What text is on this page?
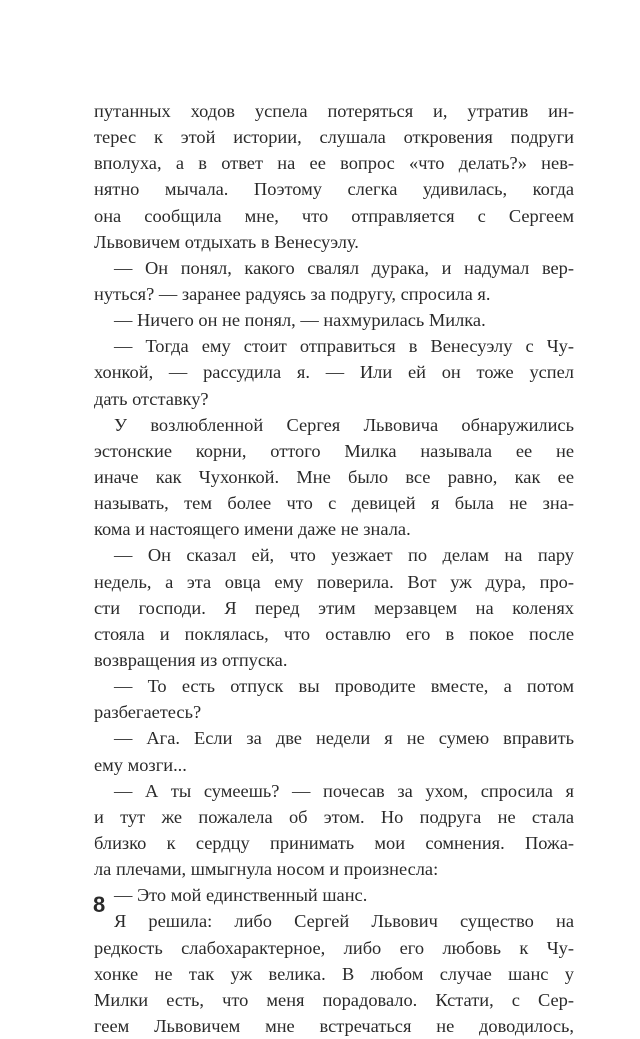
путанных ходов успела потеряться и, утратив ин-
терес к этой истории, слушала откровения подруги
вполуха, а в ответ на ее вопрос «что делать?» нев-
нятно мычала. Поэтому слегка удивилась, когда
она сообщила мне, что отправляется с Сергеем
Львовичем отдыхать в Венесуэлу.
— Он понял, какого свалял дурака, и надумал вер-
нуться? — заранее радуясь за подругу, спросила я.
— Ничего он не понял, — нахмурилась Милка.
— Тогда ему стоит отправиться в Венесуэлу с Чу-
хонкой, — рассудила я. — Или ей он тоже успел
дать отставку?
У возлюбленной Сергея Львовича обнаружились
эстонские корни, оттого Милка называла ее не
иначе как Чухонкой. Мне было все равно, как ее
называть, тем более что с девицей я была не зна-
кома и настоящего имени даже не знала.
— Он сказал ей, что уезжает по делам на пару
недель, а эта овца ему поверила. Вот уж дура, про-
сти господи. Я перед этим мерзавцем на коленях
стояла и поклялась, что оставлю его в покое после
возвращения из отпуска.
— То есть отпуск вы проводите вместе, а потом
разбегаетесь?
— Ага. Если за две недели я не сумею вправить
ему мозги...
— А ты сумеешь? — почесав за ухом, спросила я
и тут же пожалела об этом. Но подруга не стала
близко к сердцу принимать мои сомнения. Пожа-
ла плечами, шмыгнула носом и произнесла:
— Это мой единственный шанс.
Я решила: либо Сергей Львович существо на
редкость слабохарактерное, либо его любовь к Чу-
хонке не так уж велика. В любом случае шанс у
Милки есть, что меня порадовало. Кстати, с Сер-
геем Львовичем мне встречаться не доводилось,
8
